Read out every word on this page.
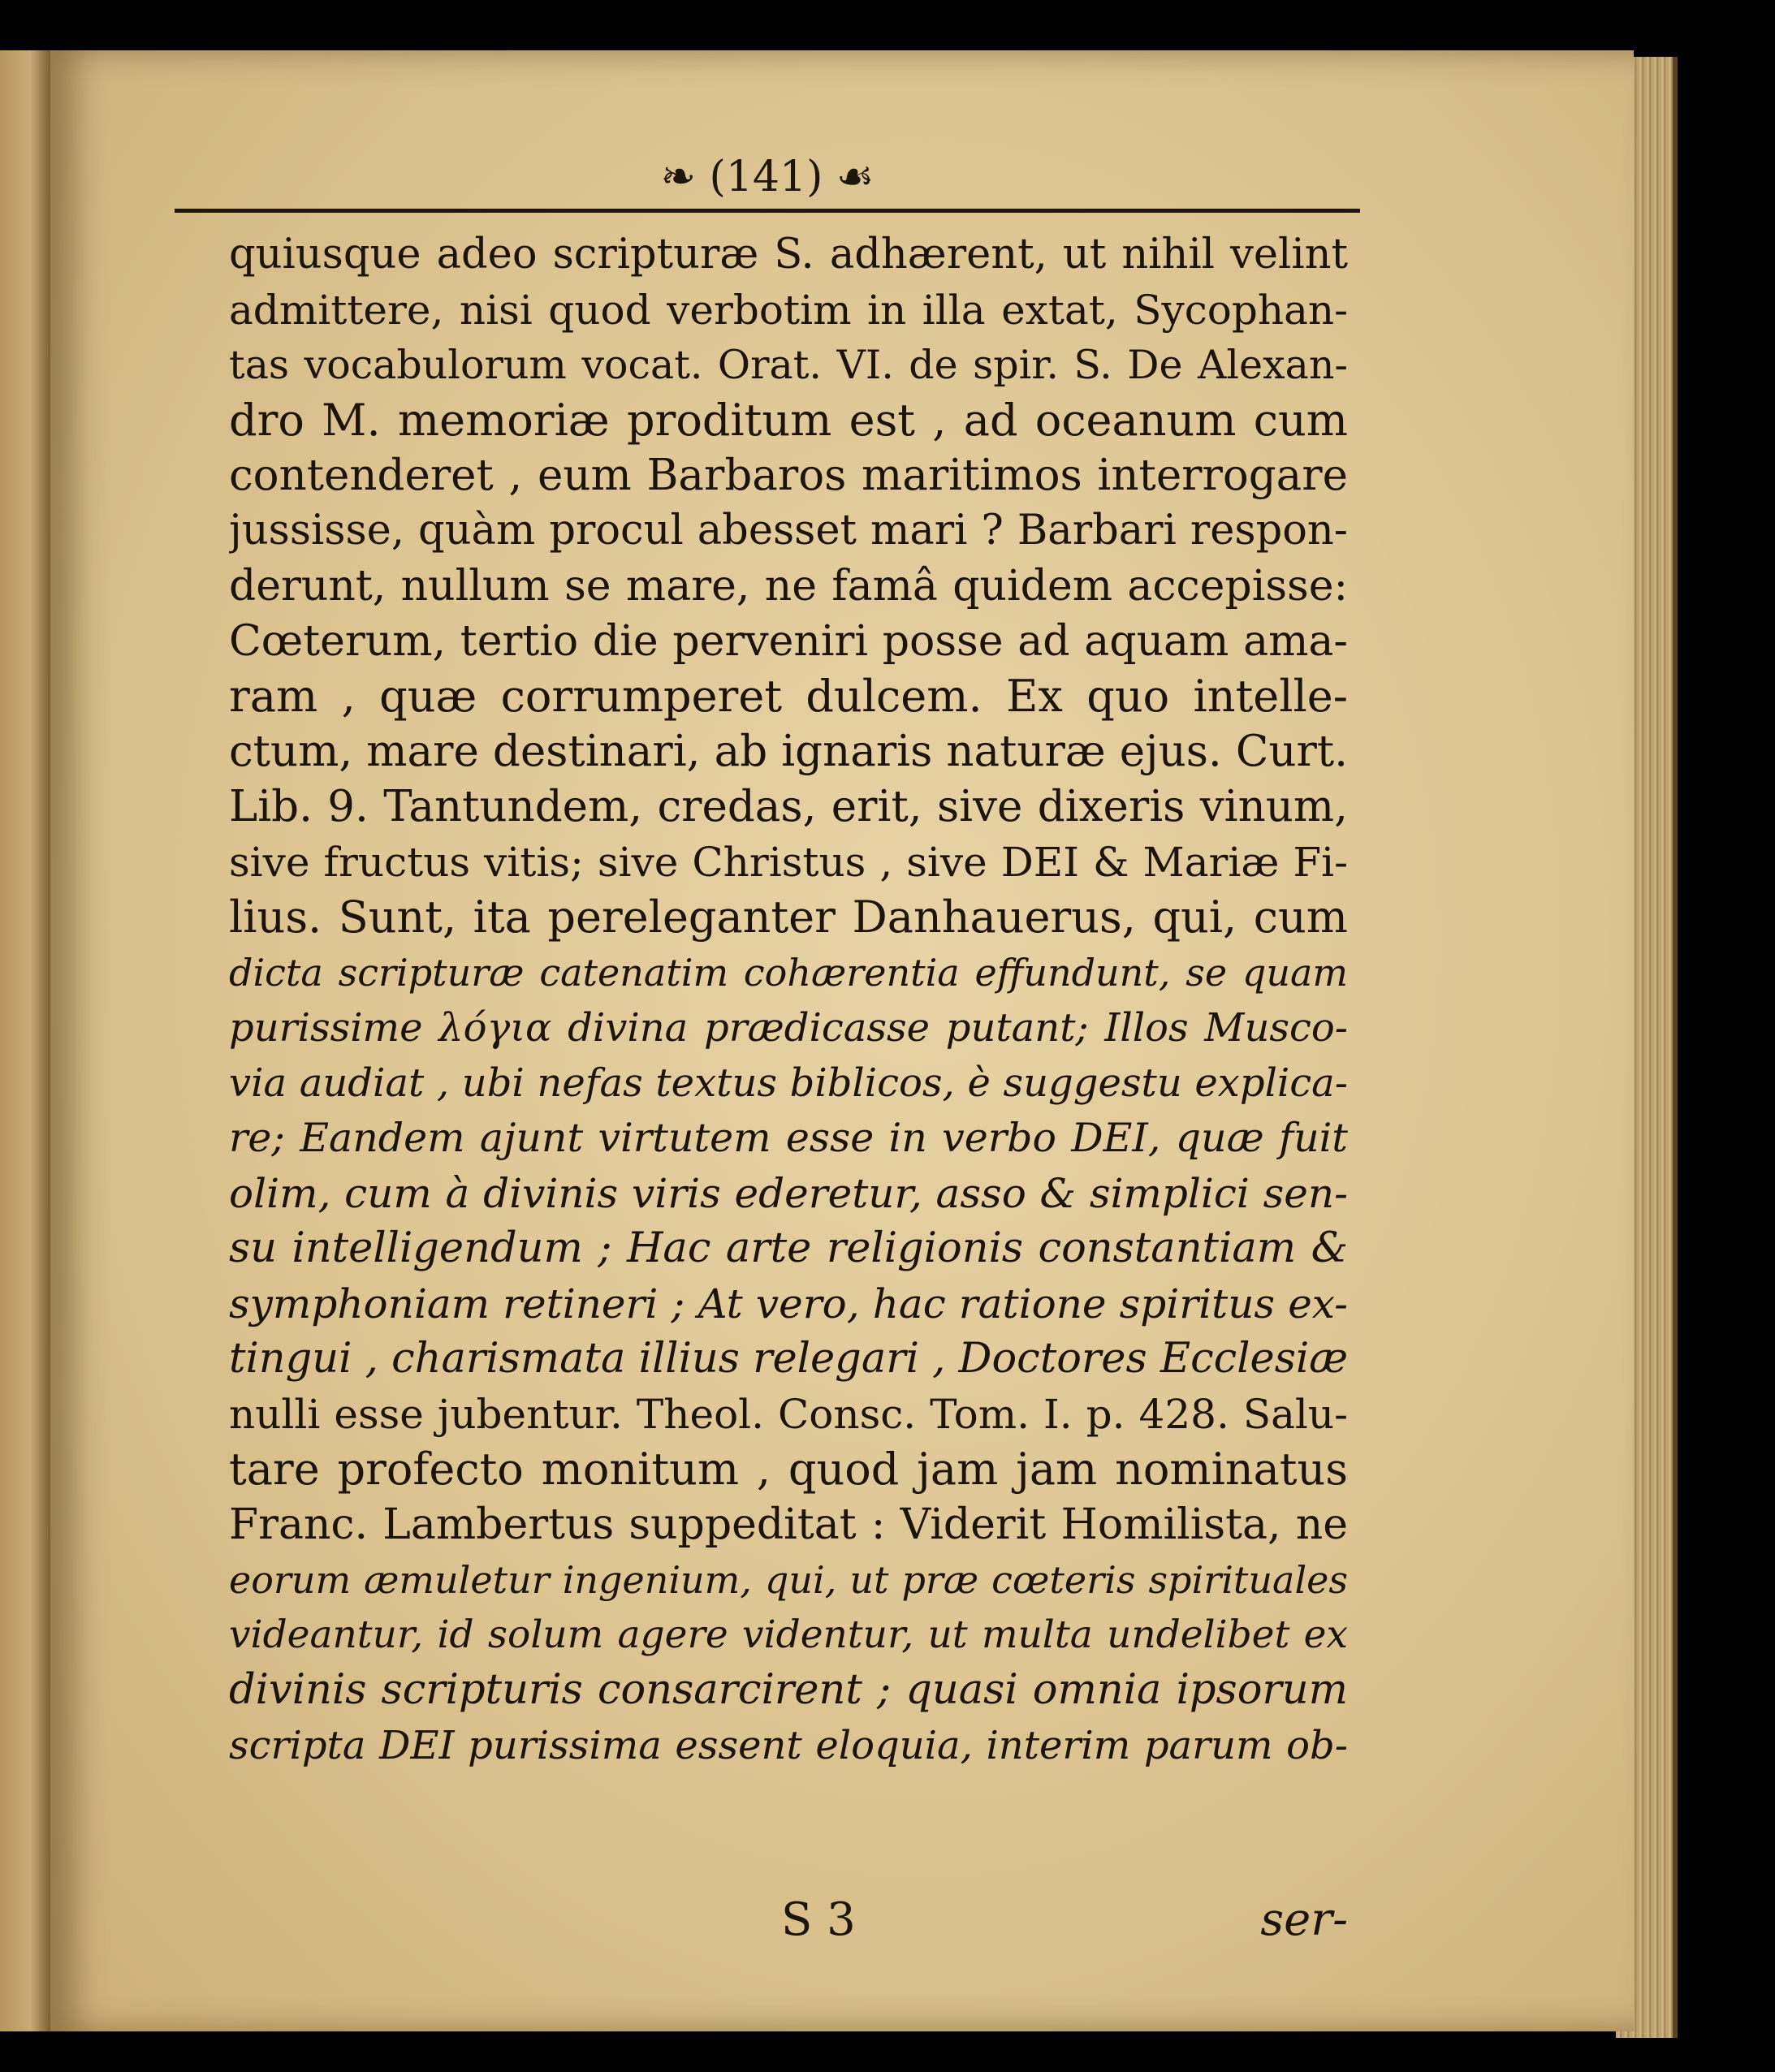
❧ (141) ☙
quiusque adeo scripturæ S. adhærent, ut nihil velint
admittere, nisi quod verbotim in illa extat, Sycophan-
tas vocabulorum vocat. Orat. VI. de spir. S. De Alexan-
dro M. memoriæ proditum est , ad oceanum cum
contenderet , eum Barbaros maritimos interrogare
jussisse, quàm procul abesset mari ? Barbari respon-
derunt, nullum se mare, ne famâ quidem accepisse:
Cœterum, tertio die perveniri posse ad aquam ama-
ram , quæ corrumperet dulcem. Ex quo intelle-
ctum, mare destinari, ab ignaris naturæ ejus. Curt.
Lib. 9. Tantundem, credas, erit, sive dixeris vinum,
sive fructus vitis; sive Christus , sive DEI & Mariæ Fi-
lius. Sunt, ita pereleganter Danhauerus, qui, cum
dicta scripturæ catenatim cohærentia effundunt, se quam
purissime λόγια divina prædicasse putant; Illos Musco-
via audiat , ubi nefas textus biblicos, è suggestu explica-
re; Eandem ajunt virtutem esse in verbo DEI, quæ fuit
olim, cum à divinis viris ederetur, asso & simplici sen-
su intelligendum ; Hac arte religionis constantiam &
symphoniam retineri ; At vero, hac ratione spiritus ex-
tingui , charismata illius relegari , Doctores Ecclesiæ
nulli esse jubentur. Theol. Consc. Tom. I. p. 428. Salu-
tare profecto monitum , quod jam jam nominatus
Franc. Lambertus suppeditat : Viderit Homilista, ne
eorum æmuletur ingenium, qui, ut præ cœteris spirituales
videantur, id solum agere videntur, ut multa undelibet ex
divinis scripturis consarcirent ; quasi omnia ipsorum
scripta DEI purissima essent eloquia, interim parum ob-
S 3	ser-
